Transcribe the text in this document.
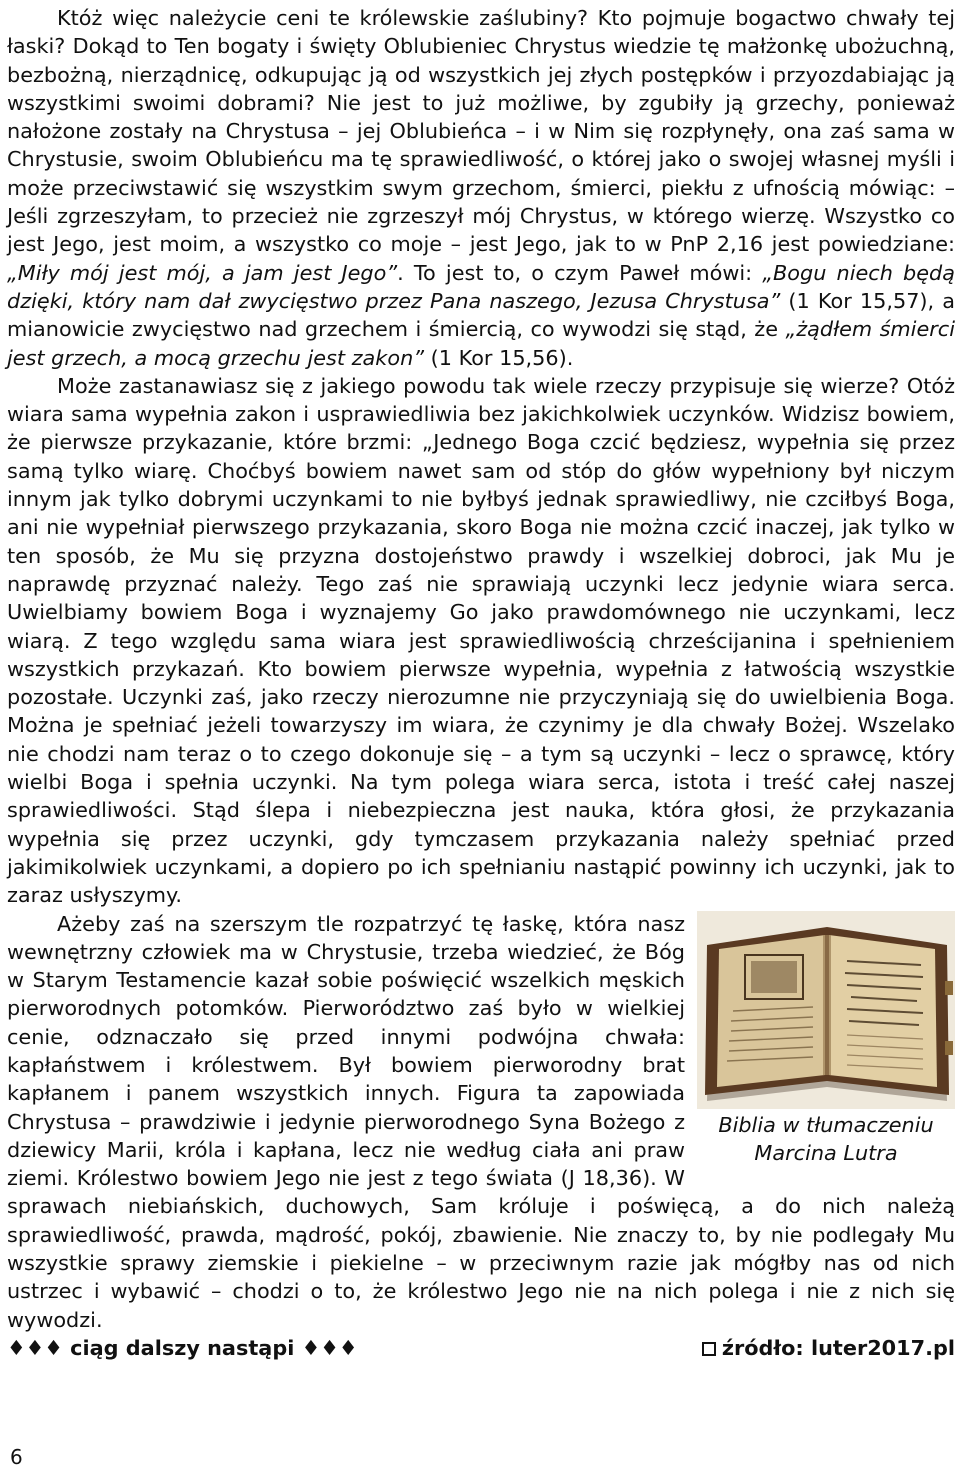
Któż więc należycie ceni te królewskie zaślubiny? Kto pojmuje bogactwo chwały tej łaski? Dokąd to Ten bogaty i święty Oblubieniec Chrystus wiedzie tę małżonkę ubożuchną, bezbożną, nierządnicę, odkupując ją od wszystkich jej złych postępków i przyozdabiając ją wszystkimi swoimi dobrami? Nie jest to już możliwe, by zgubiły ją grzechy, ponieważ nałożone zostały na Chrystusa – jej Oblubieńca – i w Nim się rozpłynęły, ona zaś sama w Chrystusie, swoim Oblubieńcu ma tę sprawiedliwość, o której jako o swojej własnej myśli i może przeciwstawić się wszystkim swym grzechom, śmierci, piekłu z ufnością mówiąc: – Jeśli zgrzeszyłam, to przecież nie zgrzeszył mój Chrystus, w którego wierzę. Wszystko co jest Jego, jest moim, a wszystko co moje – jest Jego, jak to w PnP 2,16 jest powiedziane: „Miły mój jest mój, a jam jest Jego”. To jest to, o czym Paweł mówi: „Bogu niech będą dzięki, który nam dał zwycięstwo przez Pana naszego, Jezusa Chrystusa” (1 Kor 15,57), a mianowicie zwycięstwo nad grzechem i śmiercią, co wywodzi się stąd, że „żądłem śmierci jest grzech, a mocą grzechu jest zakon” (1 Kor 15,56).

Może zastanawiasz się z jakiego powodu tak wiele rzeczy przypisuje się wierze? Otóż wiara sama wypełnia zakon i usprawiedliwia bez jakichkolwiek uczynków. Widzisz bowiem, że pierwsze przykazanie, które brzmi: „Jednego Boga czcić będziesz, wypełnia się przez samą tylko wiarę. Choćbyś bowiem nawet sam od stóp do głów wypełniony był niczym innym jak tylko dobrymi uczynkami to nie byłbyś jednak sprawiedliwy, nie czciłbyś Boga, ani nie wypełniał pierwszego przykazania, skoro Boga nie można czcić inaczej, jak tylko w ten sposób, że Mu się przyzna dostojeństwo prawdy i wszelkiej dobroci, jak Mu je naprawdę przyznać należy. Tego zaś nie sprawiają uczynki lecz jedynie wiara serca. Uwielbiamy bowiem Boga i wyznajemy Go jako prawdomównego nie uczynkami, lecz wiarą. Z tego względu sama wiara jest sprawiedliwością chrześcijanina i spełnieniem wszystkich przykazań. Kto bowiem pierwsze wypełnia, wypełnia z łatwością wszystkie pozostałe. Uczynki zaś, jako rzeczy nierozumne nie przyczyniają się do uwielbienia Boga. Można je spełniać jeżeli towarzyszy im wiara, że czynimy je dla chwały Bożej. Wszelako nie chodzi nam teraz o to czego dokonuje się – a tym są uczynki – lecz o sprawcę, który wielbi Boga i spełnia uczynki. Na tym polega wiara serca, istota i treść całej naszej sprawiedliwości. Stąd ślepa i niebezpieczna jest nauka, która głosi, że przykazania wypełnia się przez uczynki, gdy tymczasem przykazania należy spełniać przed jakimikolwiek uczynkami, a dopiero po ich spełnianiu nastąpić powinny ich uczynki, jak to zaraz usłyszymy.

Biblia w tłumaczeniu
Marcina Lutra

Ażeby zaś na szerszym tle rozpatrzyć tę łaskę, która nasz wewnętrzny człowiek ma w Chrystusie, trzeba wiedzieć, że Bóg w Starym Testamencie kazał sobie poświęcić wszelkich męskich pierworodnych potomków. Pierworództwo zaś było w wielkiej cenie, odznaczało się przed innymi podwójna chwała: kapłaństwem i królestwem. Był bowiem pierworodny brat kapłanem i panem wszystkich innych. Figura ta zapowiada Chrystusa – prawdziwie i jedynie pierworodnego Syna Bożego z dziewicy Marii, króla i kapłana, lecz nie według ciała ani praw ziemi. Królestwo bowiem Jego nie jest z tego świata (J 18,36). W sprawach niebiańskich, duchowych, Sam króluje i poświęcą, a do nich należą sprawiedliwość, prawda, mądrość, pokój, zbawienie. Nie znaczy to, by nie podlegały Mu wszystkie sprawy ziemskie i piekielne – w przeciwnym razie jak mógłby nas od nich ustrzec i wybawić – chodzi o to, że królestwo Jego nie na nich polega i nie z nich się wywodzi.

♦♦♦ ciąg dalszy nastąpi ♦♦♦	źródło: luter2017.pl
6
